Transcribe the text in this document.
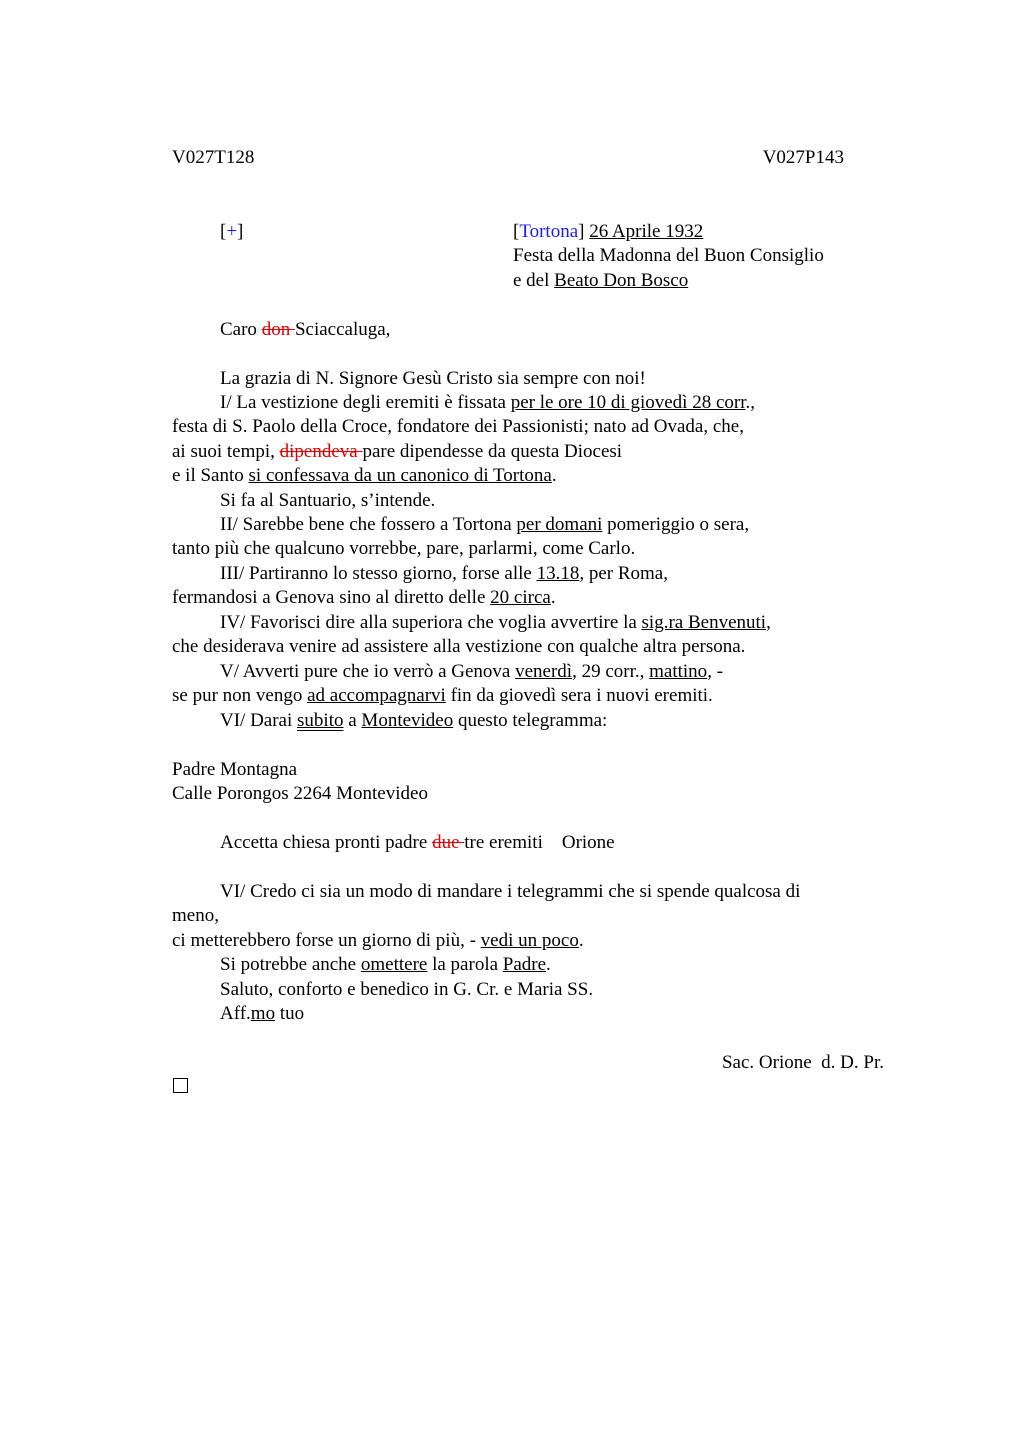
V027T128	V027P143
[+]	[Tortona] 26 Aprile 1932
Festa della Madonna del Buon Consiglio
e del Beato Don Bosco
Caro don Sciaccaluga,
La grazia di N. Signore Gesù Cristo sia sempre con noi!
I/ La vestizione degli eremiti è fissata per le ore 10 di giovedì 28 corr.,
festa di S. Paolo della Croce, fondatore dei Passionisti; nato ad Ovada, che,
ai suoi tempi, dipendeva pare dipendesse da questa Diocesi
e il Santo si confessava da un canonico di Tortona.
Si fa al Santuario, s’intende.
II/ Sarebbe bene che fossero a Tortona per domani pomeriggio o sera,
tanto più che qualcuno vorrebbe, pare, parlarmi, come Carlo.
III/ Partiranno lo stesso giorno, forse alle 13.18, per Roma,
fermandosi a Genova sino al diretto delle 20 circa.
IV/ Favorisci dire alla superiora che voglia avvertire la sig.ra Benvenuti,
che desiderava venire ad assistere alla vestizione con qualche altra persona.
V/ Avverti pure che io verrò a Genova venerdì, 29 corr., mattino, -
se pur non vengo ad accompagnarvi fin da giovedì sera i nuovi eremiti.
VI/ Darai subito a Montevideo questo telegramma:
Padre Montagna
Calle Porongos 2264 Montevideo
Accetta chiesa pronti padre due tre eremiti    Orione
VI/ Credo ci sia un modo di mandare i telegrammi che si spende qualcosa di
meno,
ci metterebbero forse un giorno di più, - vedi un poco.
Si potrebbe anche omettere la parola Padre.
Saluto, conforto e benedico in G. Cr. e Maria SS.
Aff.mo tuo
Sac. Orione  d. D. Pr.
